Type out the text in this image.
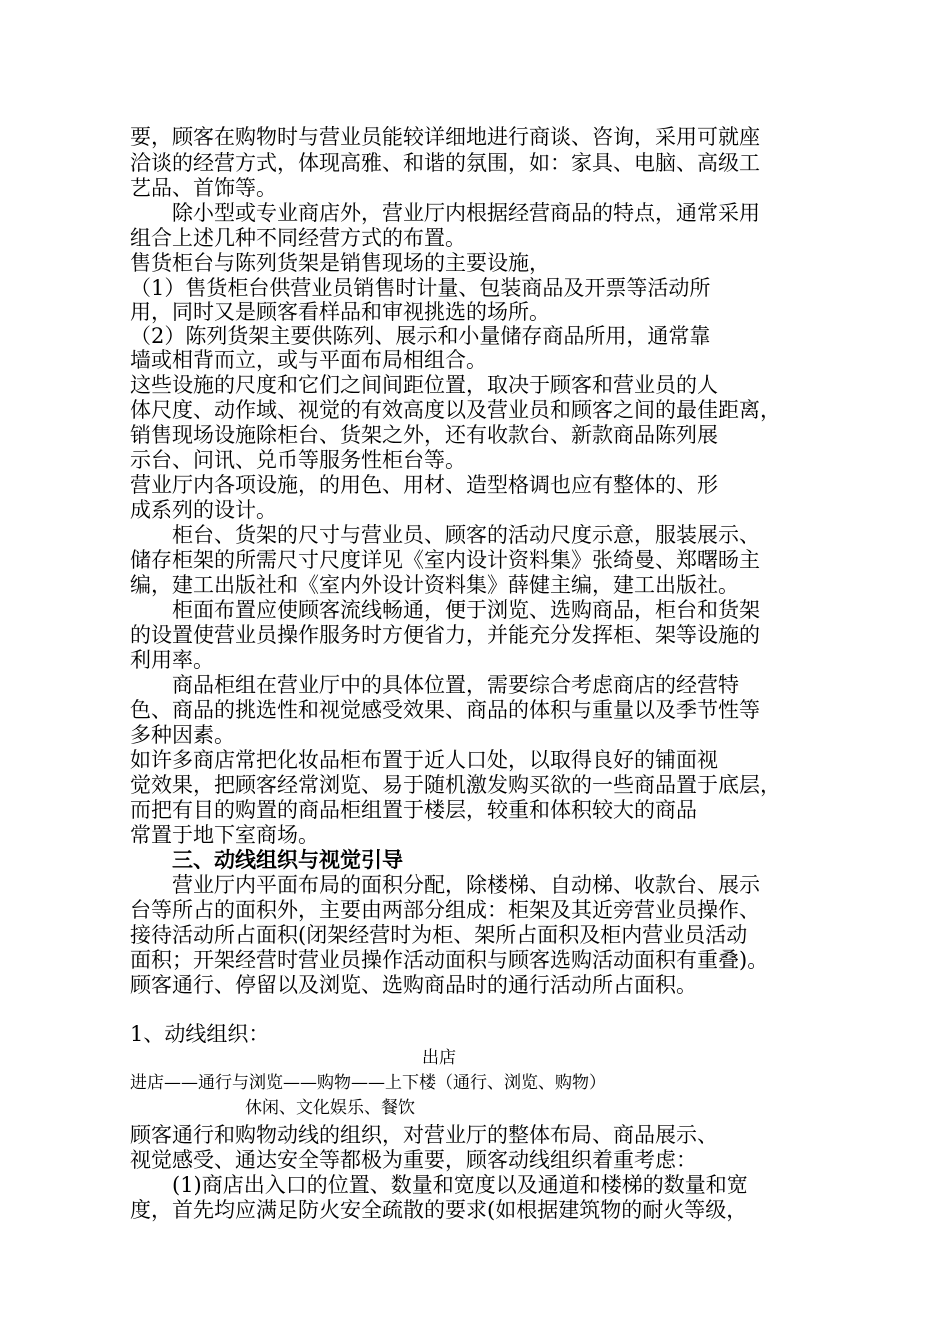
要，顾客在购物时与营业员能较详细地进行商谈、咨询，采用可就座
洽谈的经营方式，体现高雅、和谐的氛围，如：家具、电脑、高级工
艺品、首饰等。
　　除小型或专业商店外，营业厅内根据经营商品的特点，通常采用
组合上述几种不同经营方式的布置。
售货柜台与陈列货架是销售现场的主要设施，
（1）售货柜台供营业员销售时计量、包装商品及开票等活动所
用，同时又是顾客看样品和审视挑选的场所。
（2）陈列货架主要供陈列、展示和小量储存商品所用，通常靠
墙或相背而立，或与平面布局相组合。
这些设施的尺度和它们之间间距位置，取决于顾客和营业员的人
体尺度、动作域、视觉的有效高度以及营业员和顾客之间的最佳距离，
销售现场设施除柜台、货架之外，还有收款台、新款商品陈列展
示台、问讯、兑币等服务性柜台等。
营业厅内各项设施，的用色、用材、造型格调也应有整体的、形
成系列的设计。
　　柜台、货架的尺寸与营业员、顾客的活动尺度示意，服装展示、
储存柜架的所需尺寸尺度详见《室内设计资料集》张绮曼、郑曙旸主
编，建工出版社和《室内外设计资料集》薛健主编，建工出版社。
　　柜面布置应使顾客流线畅通，便于浏览、选购商品，柜台和货架
的设置使营业员操作服务时方便省力，并能充分发挥柜、架等设施的
利用率。
　　商品柜组在营业厅中的具体位置，需要综合考虑商店的经营特
色、商品的挑选性和视觉感受效果、商品的体积与重量以及季节性等
多种因素。
如许多商店常把化妆品柜布置于近人口处，以取得良好的铺面视
觉效果，把顾客经常浏览、易于随机激发购买欲的一些商品置于底层，
而把有目的购置的商品柜组置于楼层，较重和体积较大的商品
常置于地下室商场。
三、动线组织与视觉引导
　　营业厅内平面布局的面积分配，除楼梯、自动梯、收款台、展示
台等所占的面积外，主要由两部分组成：柜架及其近旁营业员操作、
接待活动所占面积(闭架经营时为柜、架所占面积及柜内营业员活动
面积；开架经营时营业员操作活动面积与顾客选购活动面积有重叠)。
顾客通行、停留以及浏览、选购商品时的通行活动所占面积。
1、动线组织：
出店
进店——通行与浏览——购物——上下楼（通行、浏览、购物）
休闲、文化娱乐、餐饮
顾客通行和购物动线的组织，对营业厅的整体布局、商品展示、
视觉感受、通达安全等都极为重要，顾客动线组织着重考虑：
　　(1)商店出入口的位置、数量和宽度以及通道和楼梯的数量和宽
度，首先均应满足防火安全疏散的要求(如根据建筑物的耐火等级，
